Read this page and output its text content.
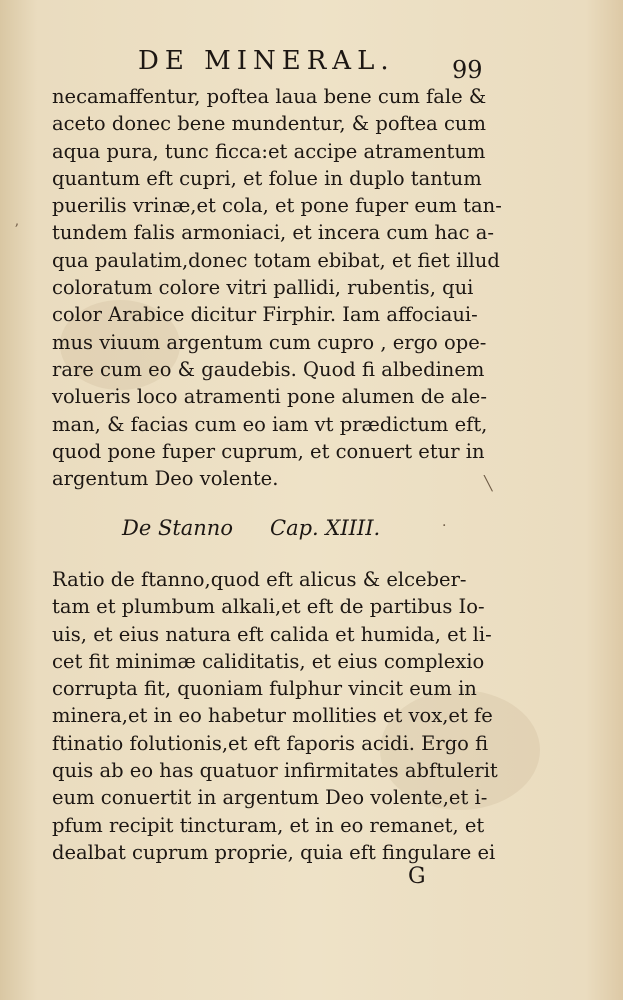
DE MINERAL. 99
necamaffentur, poftea laua bene cum fale &
aceto donec bene mundentur, & poftea cum
aqua pura, tunc ficca:et accipe atramentum
quantum eft cupri, et folue in duplo tantum
puerilis vrinæ,et cola, et pone fuper eum tan-
tundem falis armoniaci, et incera cum hac a-
qua paulatim,donec totam ebibat, et fiet illud
coloratum colore vitri pallidi, rubentis, qui
color Arabice dicitur Firphir. Iam affociaui-
mus viuum argentum cum cupro , ergo ope-
rare cum eo & gaudebis. Quod fi albedinem
volueris loco atramenti pone alumen de ale-
man, & facias cum eo iam vt prædictum eft,
quod pone fuper cuprum, et conuert etur in
argentum Deo volente.
De Stanno Cap. XIIII.
Ratio de ftanno,quod eft alicus & elceber-
tam et plumbum alkali,et eft de partibus Io-
uis, et eius natura eft calida et humida, et li-
cet fit minimæ caliditatis, et eius complexio
corrupta fit, quoniam fulphur vincit eum in
minera,et in eo habetur mollities et vox,et fe
ftinatio folutionis,et eft faporis acidi. Ergo fi
quis ab eo has quatuor infirmitates abftulerit
eum conuertit in argentum Deo volente,et i-
pfum recipit tincturam, et in eo remanet, et
dealbat cuprum proprie, quia eft fingulare ei
G
ʼ
╲
·
